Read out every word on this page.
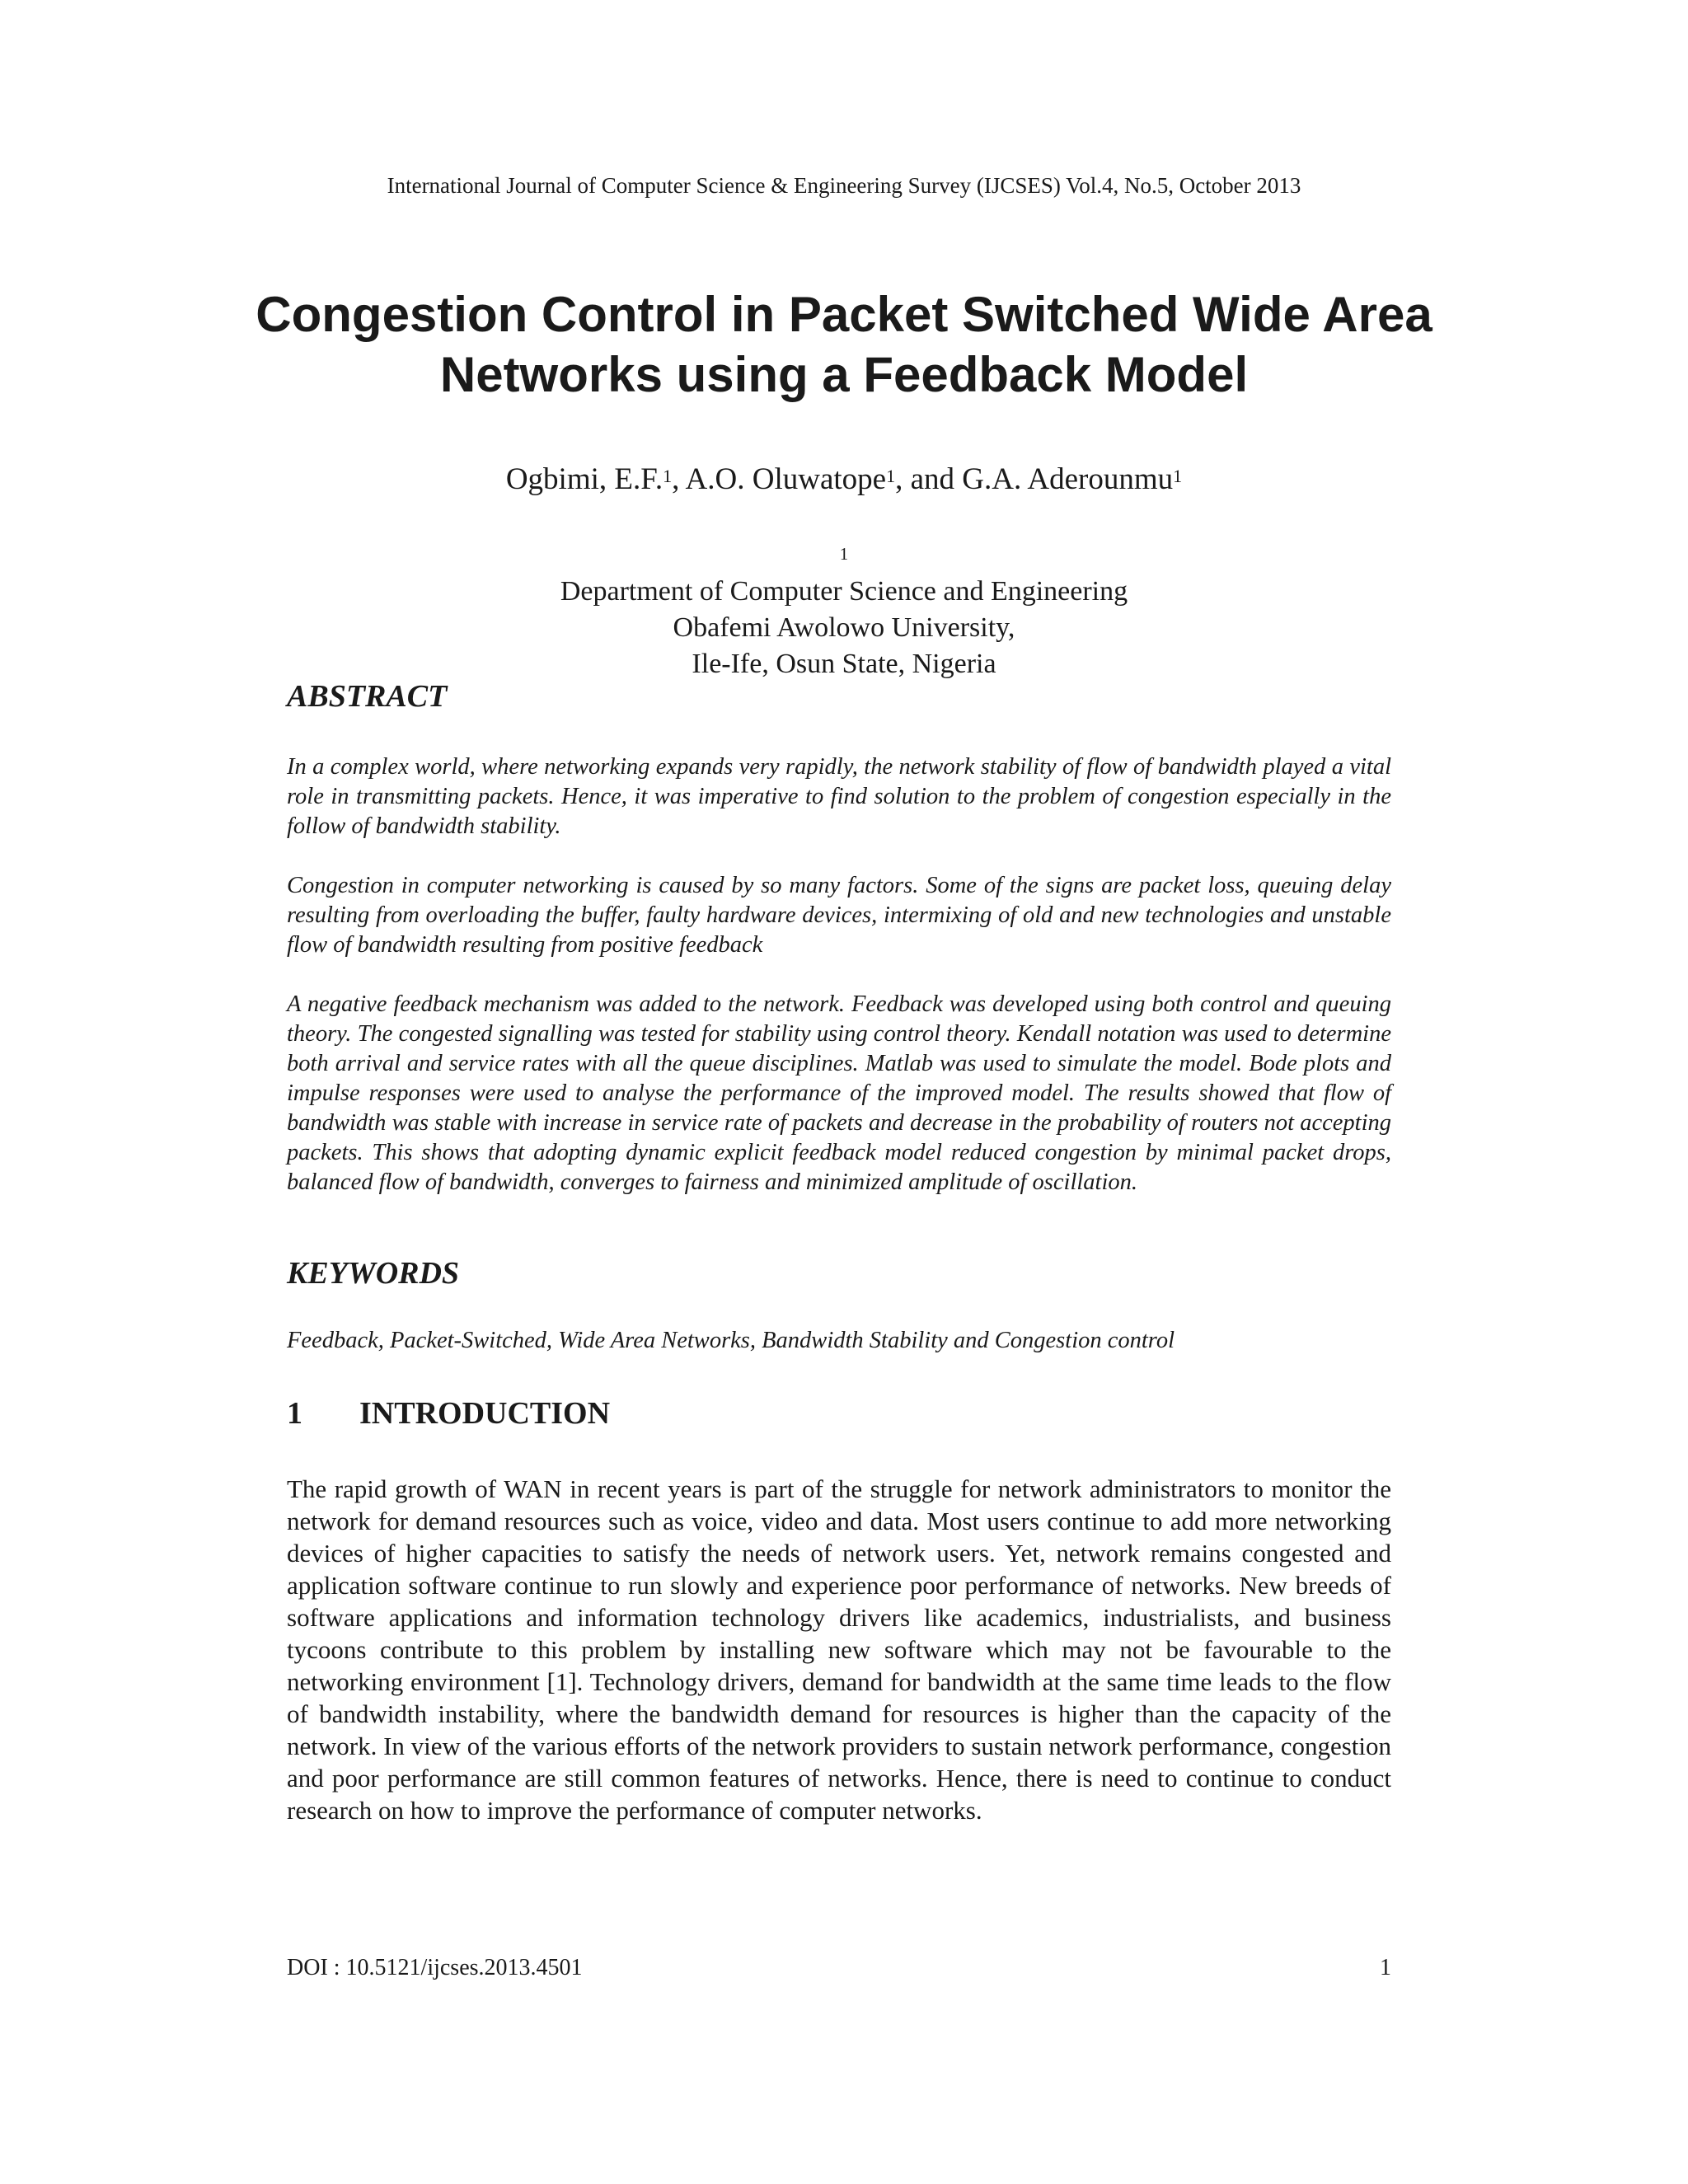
International Journal of Computer Science & Engineering Survey (IJCSES) Vol.4, No.5, October 2013
Congestion Control in Packet Switched Wide Area
Networks using a Feedback Model
Ogbimi, E.F.$^1$, A.O. Oluwatope$^1$, and G.A. Aderounmu$^1$
$^1$
Department of Computer Science and Engineering
Obafemi Awolowo University,
Ile-Ife, Osun State, Nigeria
ABSTRACT
In a complex world, where networking expands very rapidly, the network stability of flow of bandwidth played a vital role in transmitting packets. Hence, it was imperative to find solution to the problem of congestion especially in the follow of bandwidth stability.
Congestion in computer networking is caused by so many factors. Some of the signs are packet loss, queuing delay resulting from overloading the buffer, faulty hardware devices, intermixing of old and new technologies and unstable flow of bandwidth resulting from positive feedback
A negative feedback mechanism was added to the network. Feedback was developed using both control and queuing theory. The congested signalling was tested for stability using control theory. Kendall notation was used to determine both arrival and service rates with all the queue disciplines. Matlab was used to simulate the model. Bode plots and impulse responses were used to analyse the performance of the improved model. The results showed that flow of bandwidth was stable with increase in service rate of packets and decrease in the probability of routers not accepting packets. This shows that adopting dynamic explicit feedback model reduced congestion by minimal packet drops, balanced flow of bandwidth, converges to fairness and minimized amplitude of oscillation.
KEYWORDS
Feedback, Packet-Switched, Wide Area Networks, Bandwidth Stability and Congestion control
1 INTRODUCTION
The rapid growth of WAN in recent years is part of the struggle for network administrators to monitor the network for demand resources such as voice, video and data. Most users continue to add more networking devices of higher capacities to satisfy the needs of network users. Yet, network remains congested and application software continue to run slowly and experience poor performance of networks. New breeds of software applications and information technology drivers like academics, industrialists, and business tycoons contribute to this problem by installing new software which may not be favourable to the networking environment [1]. Technology drivers, demand for bandwidth at the same time leads to the flow of bandwidth instability, where the bandwidth demand for resources is higher than the capacity of the network. In view of the various efforts of the network providers to sustain network performance, congestion and poor performance are still common features of networks. Hence, there is need to continue to conduct research on how to improve the performance of computer networks.
DOI : 10.5121/ijcses.2013.4501	1
